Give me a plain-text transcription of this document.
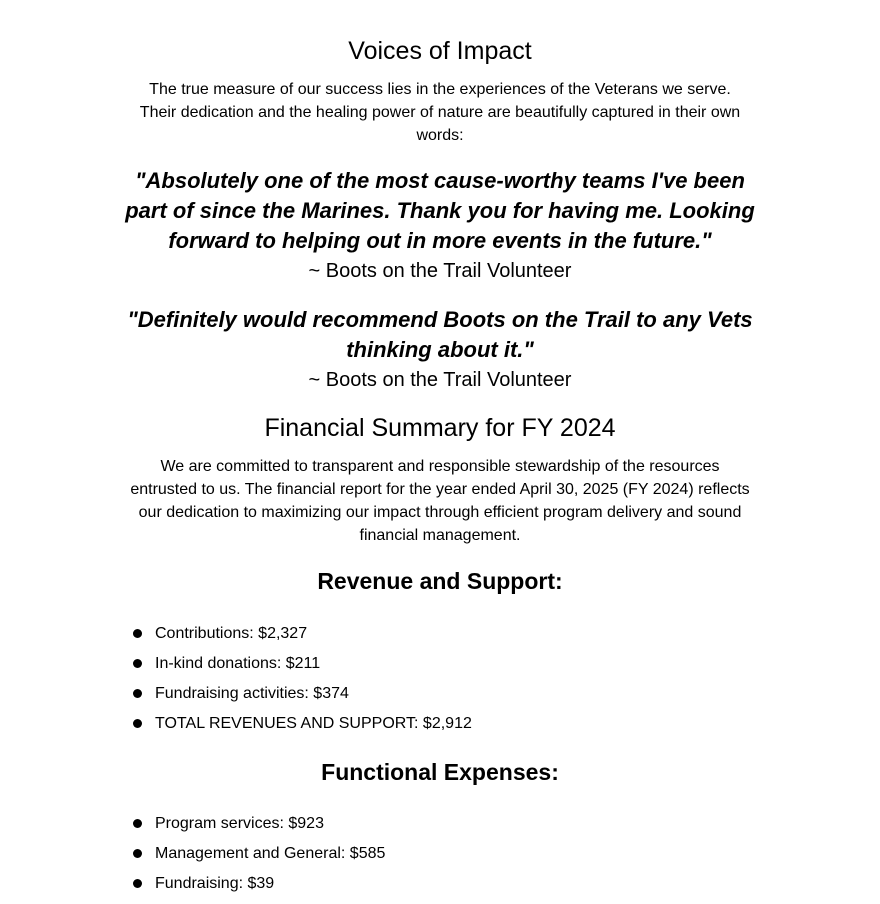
Voices of Impact

The true measure of our success lies in the experiences of the Veterans we serve.

Their dedication and the healing power of nature are beautifully captured in their own

words:

"Absolutely one of the most cause-worthy teams I've been

part of since the Marines. Thank you for having me. Looking

forward to helping out in more events in the future."

~ Boots on the Trail Volunteer

"Definitely would recommend Boots on the Trail to any Vets

thinking about it."

~ Boots on the Trail Volunteer

Financial Summary for FY 2024

We are committed to transparent and responsible stewardship of the resources

entrusted to us. The financial report for the year ended April 30, 2025 (FY 2024) reflects

our dedication to maximizing our impact through efficient program delivery and sound

financial management.

Revenue and Support:
Contributions: $2,327
In-kind donations: $211
Fundraising activities: $374
TOTAL REVENUES AND SUPPORT: $2,912
Functional Expenses:
Program services: $923
Management and General: $585
Fundraising: $39
